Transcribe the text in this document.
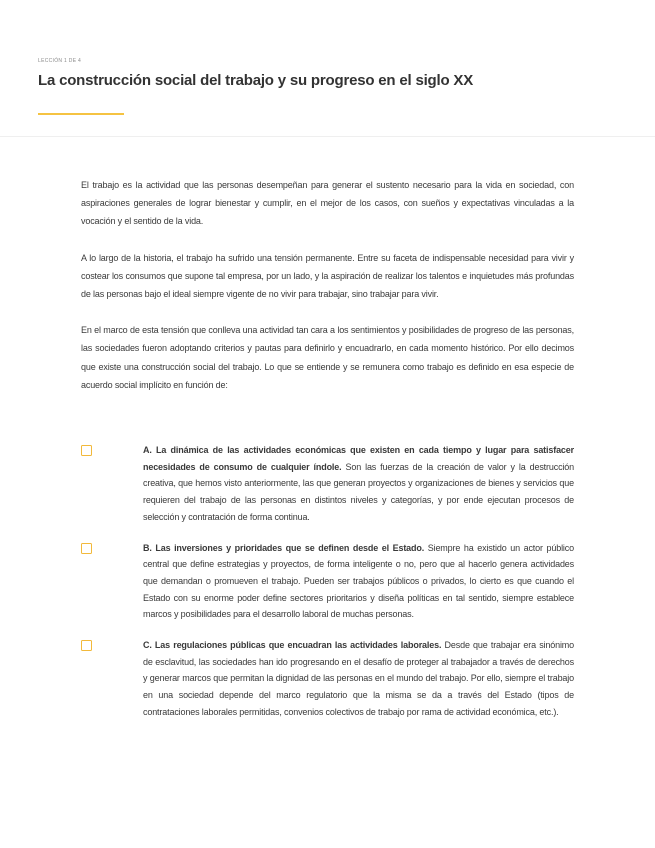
LECCIÓN 1 DE 4
La construcción social del trabajo y su progreso en el siglo XX

El trabajo es la actividad que las personas desempeñan para generar el sustento necesario para la vida en sociedad, con aspiraciones generales de lograr bienestar y cumplir, en el mejor de los casos, con sueños y expectativas vinculadas a la vocación y el sentido de la vida.

A lo largo de la historia, el trabajo ha sufrido una tensión permanente. Entre su faceta de indispensable necesidad para vivir y costear los consumos que supone tal empresa, por un lado, y la aspiración de realizar los talentos e inquietudes más profundas de las personas bajo el ideal siempre vigente de no vivir para trabajar, sino trabajar para vivir.

En el marco de esta tensión que conlleva una actividad tan cara a los sentimientos y posibilidades de progreso de las personas, las sociedades fueron adoptando criterios y pautas para definirlo y encuadrarlo, en cada momento histórico. Por ello decimos que existe una construcción social del trabajo. Lo que se entiende y se remunera como trabajo es definido en esa especie de acuerdo social implícito en función de:

A. La dinámica de las actividades económicas que existen en cada tiempo y lugar para satisfacer necesidades de consumo de cualquier índole. Son las fuerzas de la creación de valor y la destrucción creativa, que hemos visto anteriormente, las que generan proyectos y organizaciones de bienes y servicios que requieren del trabajo de las personas en distintos niveles y categorías, y por ende ejecutan procesos de selección y contratación de forma continua.
B. Las inversiones y prioridades que se definen desde el Estado. Siempre ha existido un actor público central que define estrategias y proyectos, de forma inteligente o no, pero que al hacerlo genera actividades que demandan o promueven el trabajo. Pueden ser trabajos públicos o privados, lo cierto es que cuando el Estado con su enorme poder define sectores prioritarios y diseña políticas en tal sentido, siempre establece marcos y posibilidades para el desarrollo laboral de muchas personas.
C. Las regulaciones públicas que encuadran las actividades laborales. Desde que trabajar era sinónimo de esclavitud, las sociedades han ido progresando en el desafío de proteger al trabajador a través de derechos y generar marcos que permitan la dignidad de las personas en el mundo del trabajo. Por ello, siempre el trabajo en una sociedad depende del marco regulatorio que la misma se da a través del Estado (tipos de contrataciones laborales permitidas, convenios colectivos de trabajo por rama de actividad económica, etc.).
